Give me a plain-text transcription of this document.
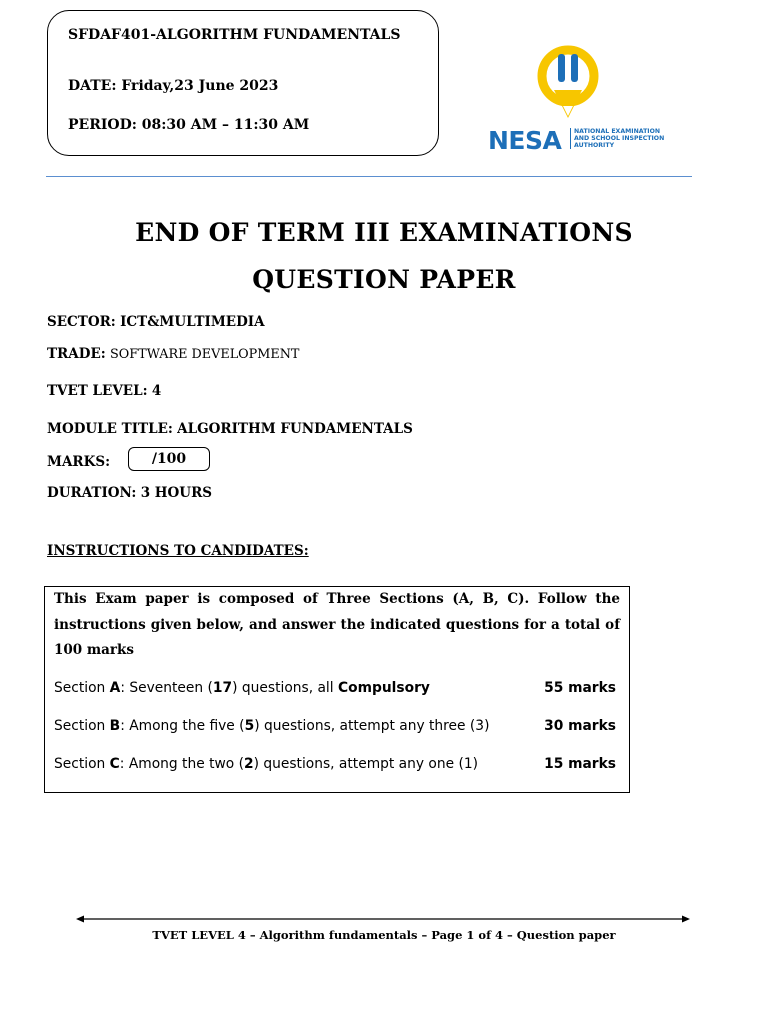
SFDAF401-ALGORITHM FUNDAMENTALS
DATE: Friday,23 June 2023
PERIOD: 08:30 AM – 11:30 AM
NESA	NATIONAL EXAMINATION AND SCHOOL INSPECTION AUTHORITY
END OF TERM III EXAMINATIONS
QUESTION PAPER
SECTOR: ICT&MULTIMEDIA
TRADE: SOFTWARE DEVELOPMENT
TVET LEVEL: 4
MODULE TITLE: ALGORITHM FUNDAMENTALS
MARKS:	/100
DURATION: 3 HOURS
INSTRUCTIONS TO CANDIDATES:
This Exam paper is composed of Three Sections (A, B, C). Follow the instructions given below, and answer the indicated questions for a total of 100 marks
Section A: Seventeen (17) questions, all Compulsory	55 marks
Section B: Among the five (5) questions, attempt any three (3)	30 marks
Section C: Among the two (2) questions, attempt any one (1)	15 marks
TVET LEVEL 4 – Algorithm fundamentals – Page 1 of 4 – Question paper
